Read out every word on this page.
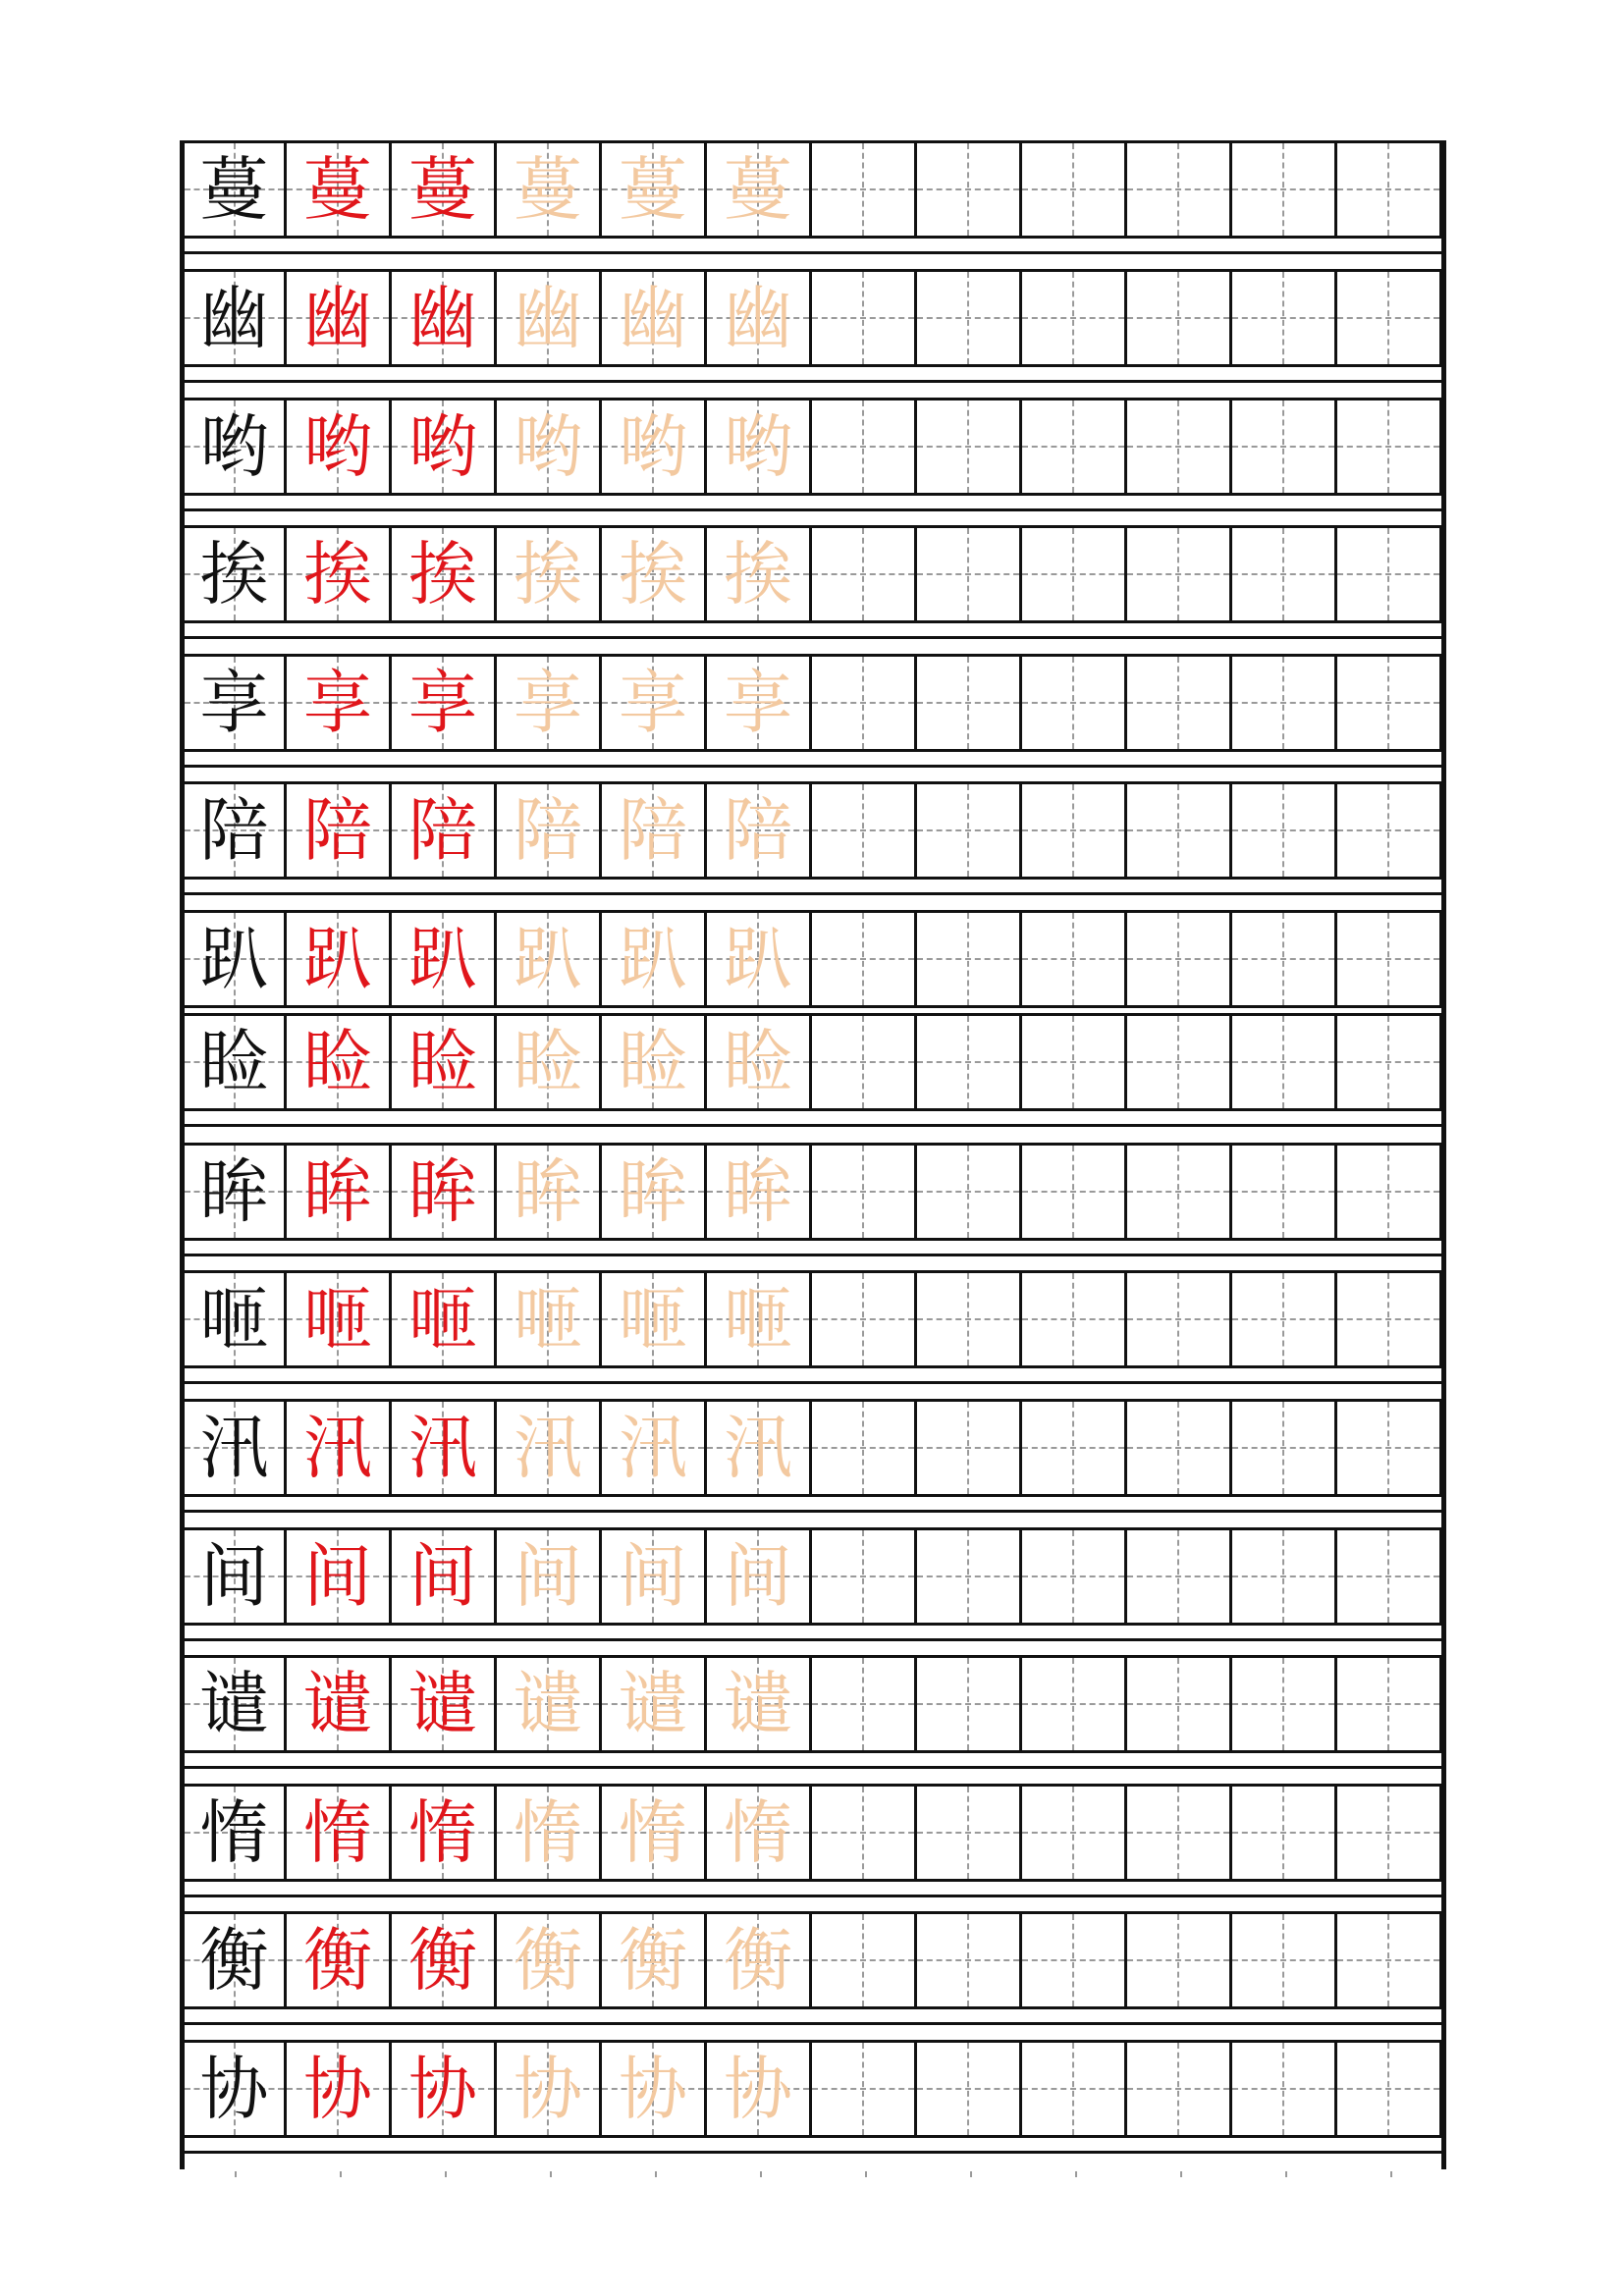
蔓 蔓 蔓 蔓 蔓 蔓
幽 幽 幽 幽 幽 幽
哟 哟 哟 哟 哟 哟
挨 挨 挨 挨 挨 挨
享 享 享 享 享 享
陪 陪 陪 陪 陪 陪
趴 趴 趴 趴 趴 趴
睑 睑 睑 睑 睑 睑
眸 眸 眸 眸 眸 眸
咂 咂 咂 咂 咂 咂
汛 汛 汛 汛 汛 汛
间 间 间 间 间 间
谴 谴 谴 谴 谴 谴
惰 惰 惰 惰 惰 惰
衡 衡 衡 衡 衡 衡
协 协 协 协 协 协
